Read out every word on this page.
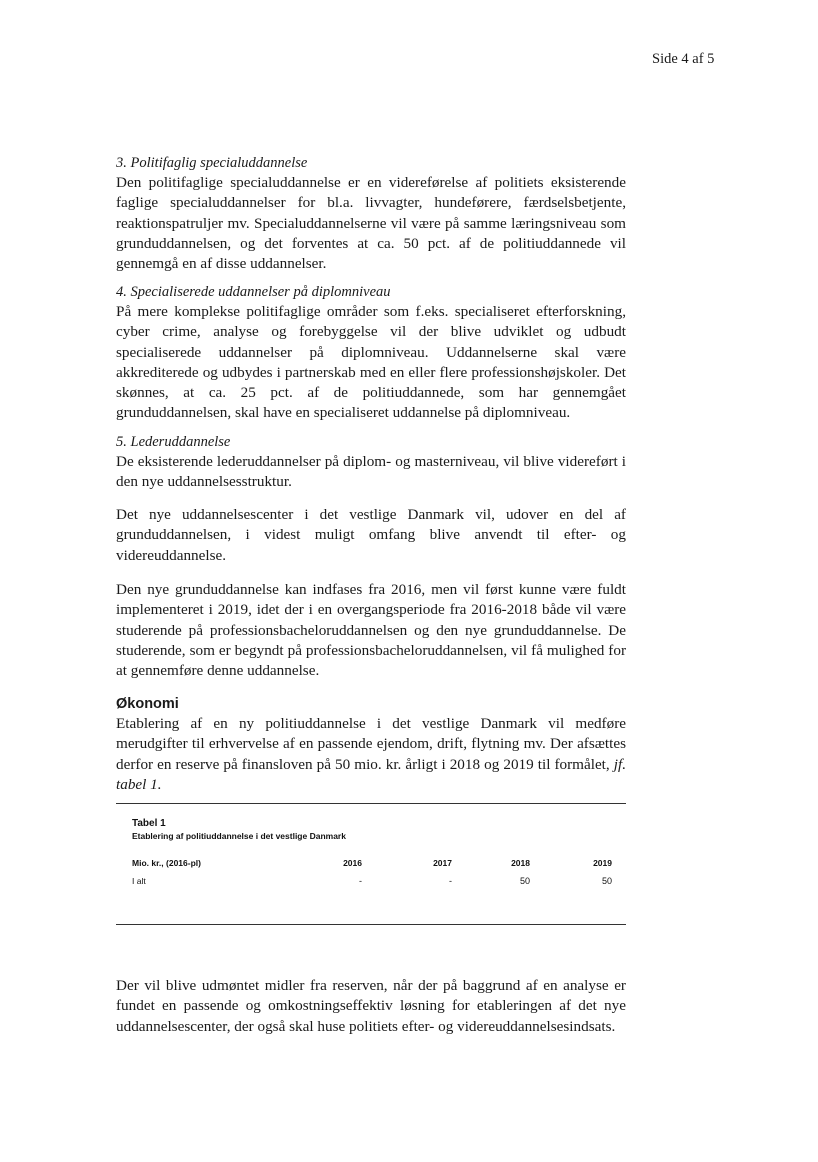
Side 4 af 5

3. Politifaglig specialuddannelse

Den politifaglige specialuddannelse er en videreførelse af politiets eksisterende faglige specialuddannelser for bl.a. livvagter, hundeførere, færdselsbetjente, reaktionspatruljer mv. Specialuddannelserne vil være på samme læringsniveau som grunduddannelsen, og det forventes at ca. 50 pct. af de politiuddannede vil gennemgå en af disse uddannelser.

4. Specialiserede uddannelser på diplomniveau

På mere komplekse politifaglige områder som f.eks. specialiseret efterforskning, cyber crime, analyse og forebyggelse vil der blive udviklet og udbudt specialiserede uddannelser på diplomniveau. Uddannelserne skal være akkrediterede og udbydes i partnerskab med en eller flere professionshøjskoler. Det skønnes, at ca. 25 pct. af de politiuddannede, som har gennemgået grunduddannelsen, skal have en specialiseret uddannelse på diplomniveau.

5. Lederuddannelse

De eksisterende lederuddannelser på diplom- og masterniveau, vil blive videreført i den nye uddannelsesstruktur.

Det nye uddannelsescenter i det vestlige Danmark vil, udover en del af grunduddannelsen, i videst muligt omfang blive anvendt til efter- og videreuddannelse.

Den nye grunduddannelse kan indfases fra 2016, men vil først kunne være fuldt implementeret i 2019, idet der i en overgangsperiode fra 2016-2018 både vil være studerende på professionsbacheloruddannelsen og den nye grunduddannelse. De studerende, som er begyndt på professionsbacheloruddannelsen, vil få mulighed for at gennemføre denne uddannelse.

Økonomi

Etablering af en ny politiuddannelse i det vestlige Danmark vil medføre merudgifter til erhvervelse af en passende ejendom, drift, flytning mv. Der afsættes derfor en reserve på finansloven på 50 mio. kr. årligt i 2018 og 2019 til formålet, jf. tabel 1.

Tabel 1

Etablering af politiuddannelse i det vestlige Danmark

Mio. kr., (2016-pl)	2016	2017	2018	2019
I alt	-	-	50	50

Der vil blive udmøntet midler fra reserven, når der på baggrund af en analyse er fundet en passende og omkostningseffektiv løsning for etableringen af det nye uddannelsescenter, der også skal huse politiets efter- og videreuddannelsesindsats.
